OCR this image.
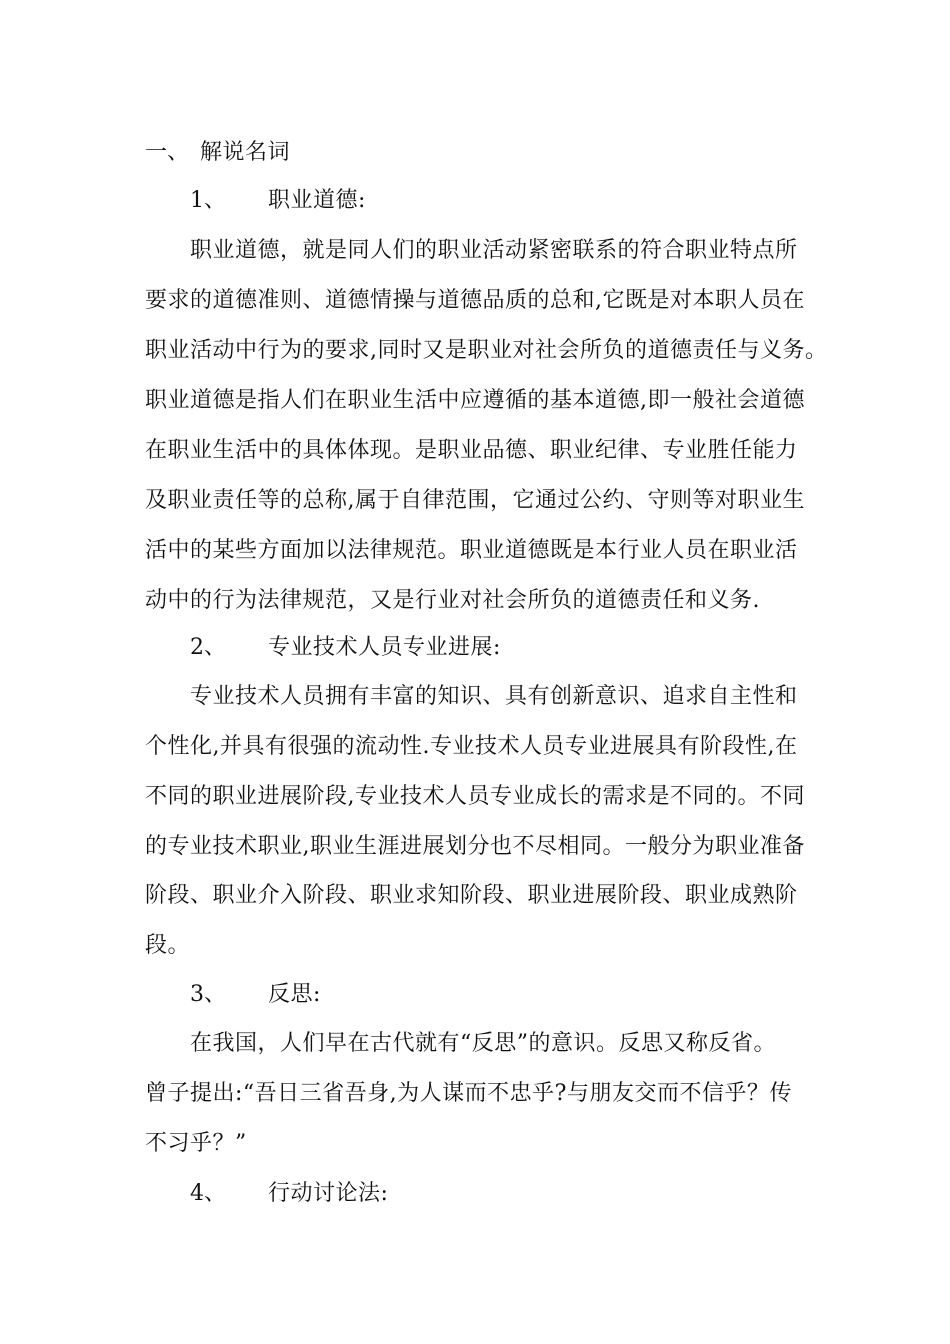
一、 解说名词
1、 职业道德:
职业道德，就是同人们的职业活动紧密联系的符合职业特点所
要求的道德准则、道德情操与道德品质的总和,它既是对本职人员在
职业活动中行为的要求,同时又是职业对社会所负的道德责任与义务。
职业道德是指人们在职业生活中应遵循的基本道德,即一般社会道德
在职业生活中的具体体现。是职业品德、职业纪律、专业胜任能力
及职业责任等的总称,属于自律范围，它通过公约、守则等对职业生
活中的某些方面加以法律规范。职业道德既是本行业人员在职业活
动中的行为法律规范，又是行业对社会所负的道德责任和义务.
2、 专业技术人员专业进展:
专业技术人员拥有丰富的知识、具有创新意识、追求自主性和
个性化,并具有很强的流动性.专业技术人员专业进展具有阶段性,在
不同的职业进展阶段,专业技术人员专业成长的需求是不同的。不同
的专业技术职业,职业生涯进展划分也不尽相同。一般分为职业准备
阶段、职业介入阶段、职业求知阶段、职业进展阶段、职业成熟阶
段。
3、 反思:
在我国，人们早在古代就有“反思”的意识。反思又称反省。
曾子提出:“吾日三省吾身,为人谋而不忠乎?与朋友交而不信乎？传
不习乎？”
4、 行动讨论法:
